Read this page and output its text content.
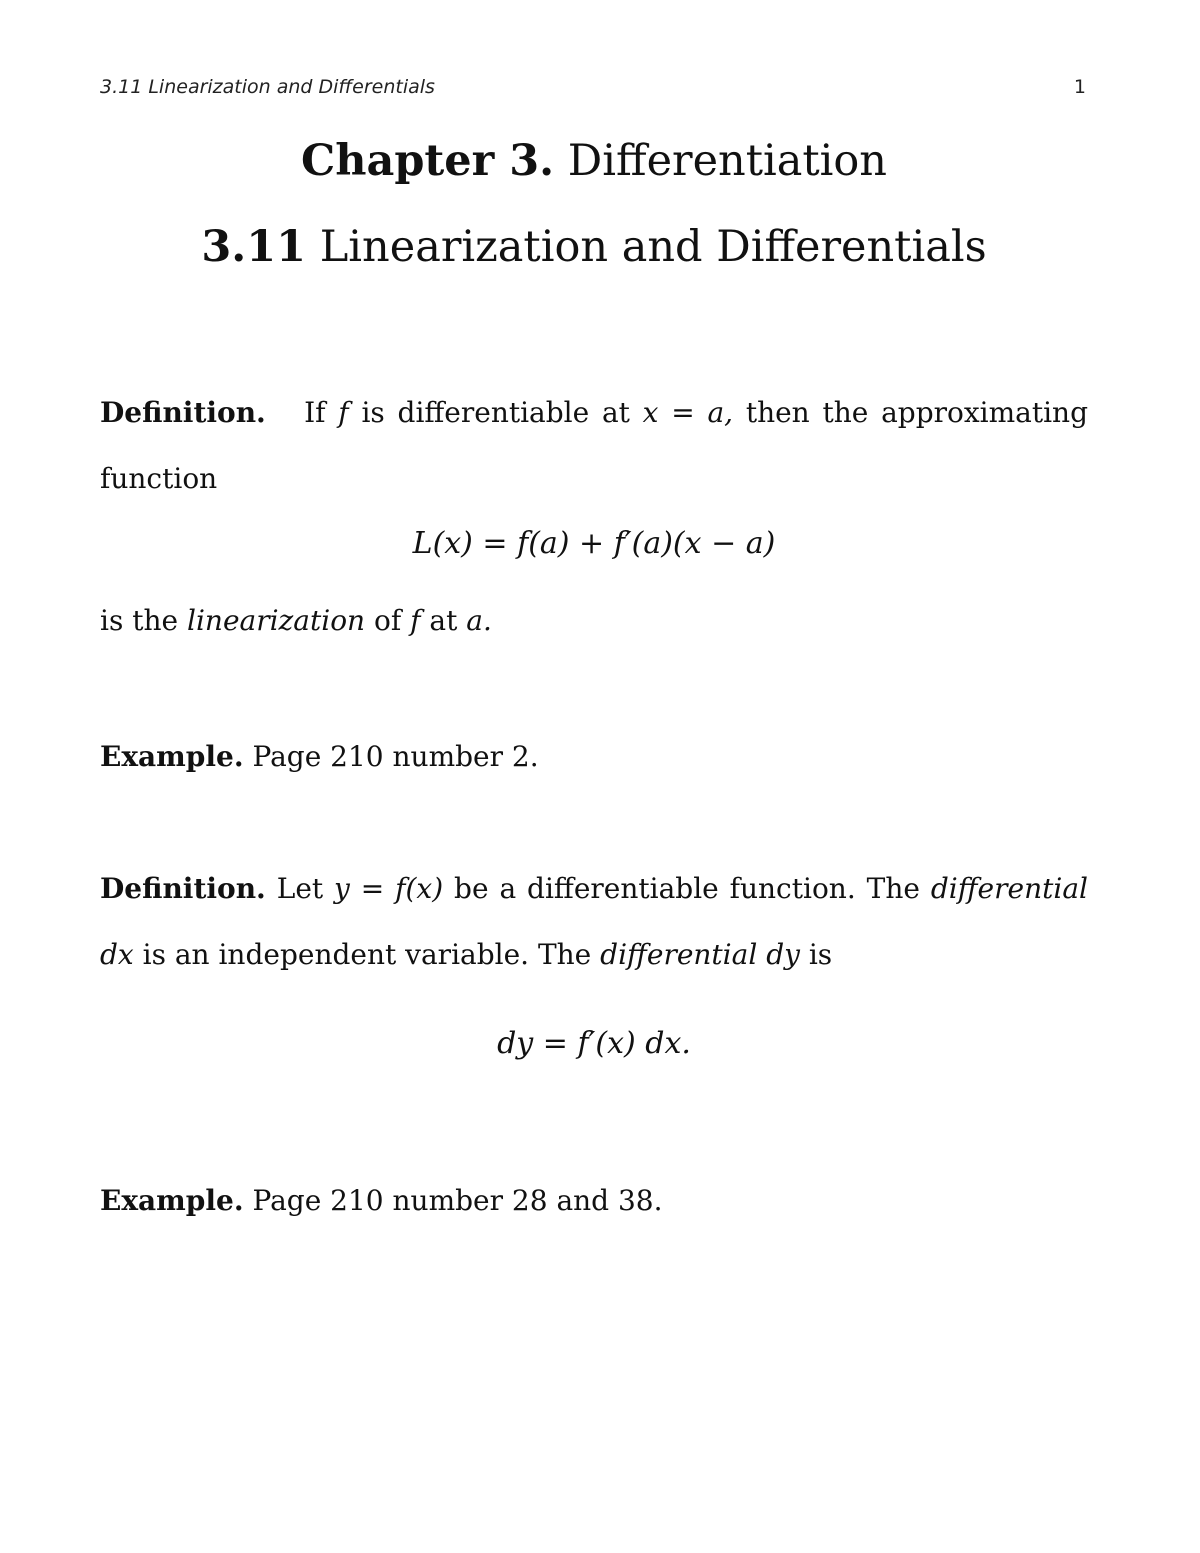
3.11 Linearization and Differentials	1
Chapter 3. Differentiation
3.11 Linearization and Differentials
Definition. If f is differentiable at x = a, then the approximating
function
L(x) = f(a) + f′(a)(x − a)
is the linearization of f at a.
Example. Page 210 number 2.
Definition. Let y = f(x) be a differentiable function. The differential
dx is an independent variable. The differential dy is
dy = f′(x) dx.
Example. Page 210 number 28 and 38.
